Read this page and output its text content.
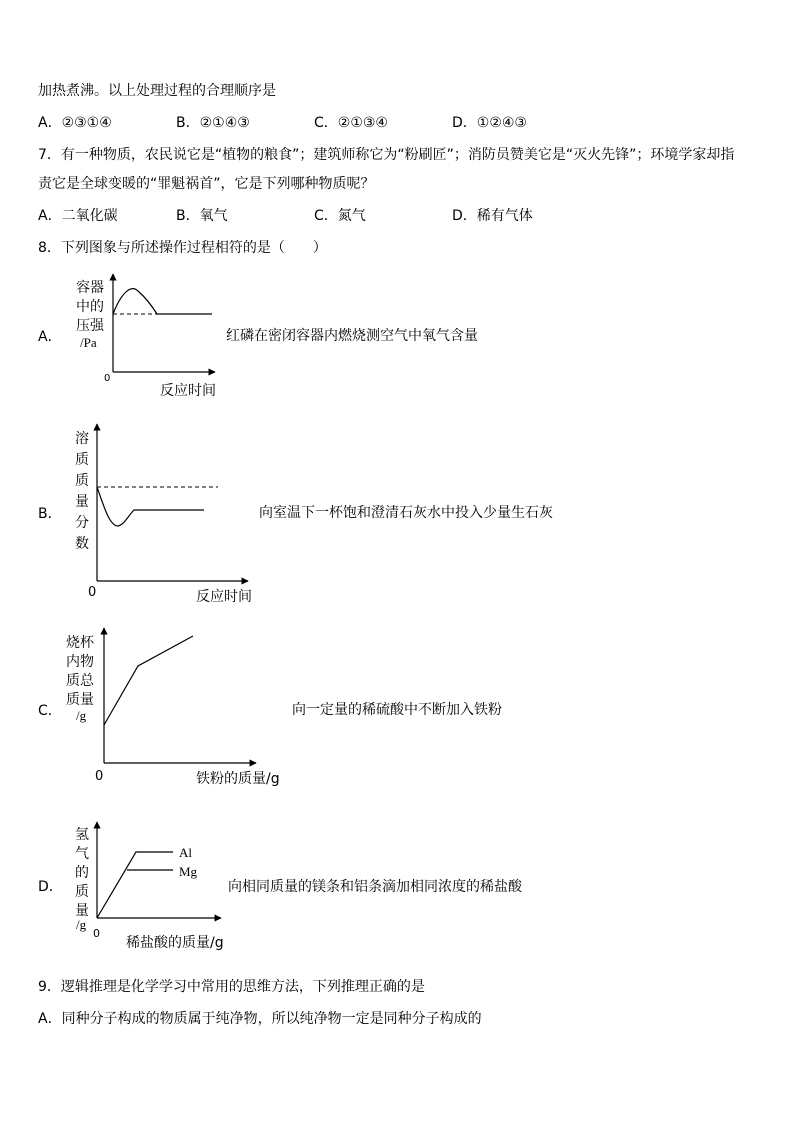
加热煮沸。以上处理过程的合理顺序是
A．②③①④	B．②①④③	C．②①③④	D．①②④③
7．有一种物质，农民说它是“植物的粮食”；建筑师称它为“粉刷匠”；消防员赞美它是“灭火先锋”；环境学家却指
责它是全球变暖的“罪魁祸首”，它是下列哪种物质呢？
A．二氧化碳	B．氧气	C．氮气	D．稀有气体
8．下列图象与所述操作过程相符的是（　　）
A．	红磷在密闭容器内燃烧测空气中氧气含量
B．	向室温下一杯饱和澄清石灰水中投入少量生石灰
C．	向一定量的稀硫酸中不断加入铁粉
D．	向相同质量的镁条和铝条滴加相同浓度的稀盐酸
容器
中的
压强
/Pa
0
反应时间
溶
质
质
量
分
数
0	反应时间
烧杯
内物
质总
质量
/g
0	铁粉的质量/g
Al
Mg
氢
气
的
质
量
/g
0
稀盐酸的质量/g
9．逻辑推理是化学学习中常用的思维方法，下列推理正确的是
A．同种分子构成的物质属于纯净物，所以纯净物一定是同种分子构成的
